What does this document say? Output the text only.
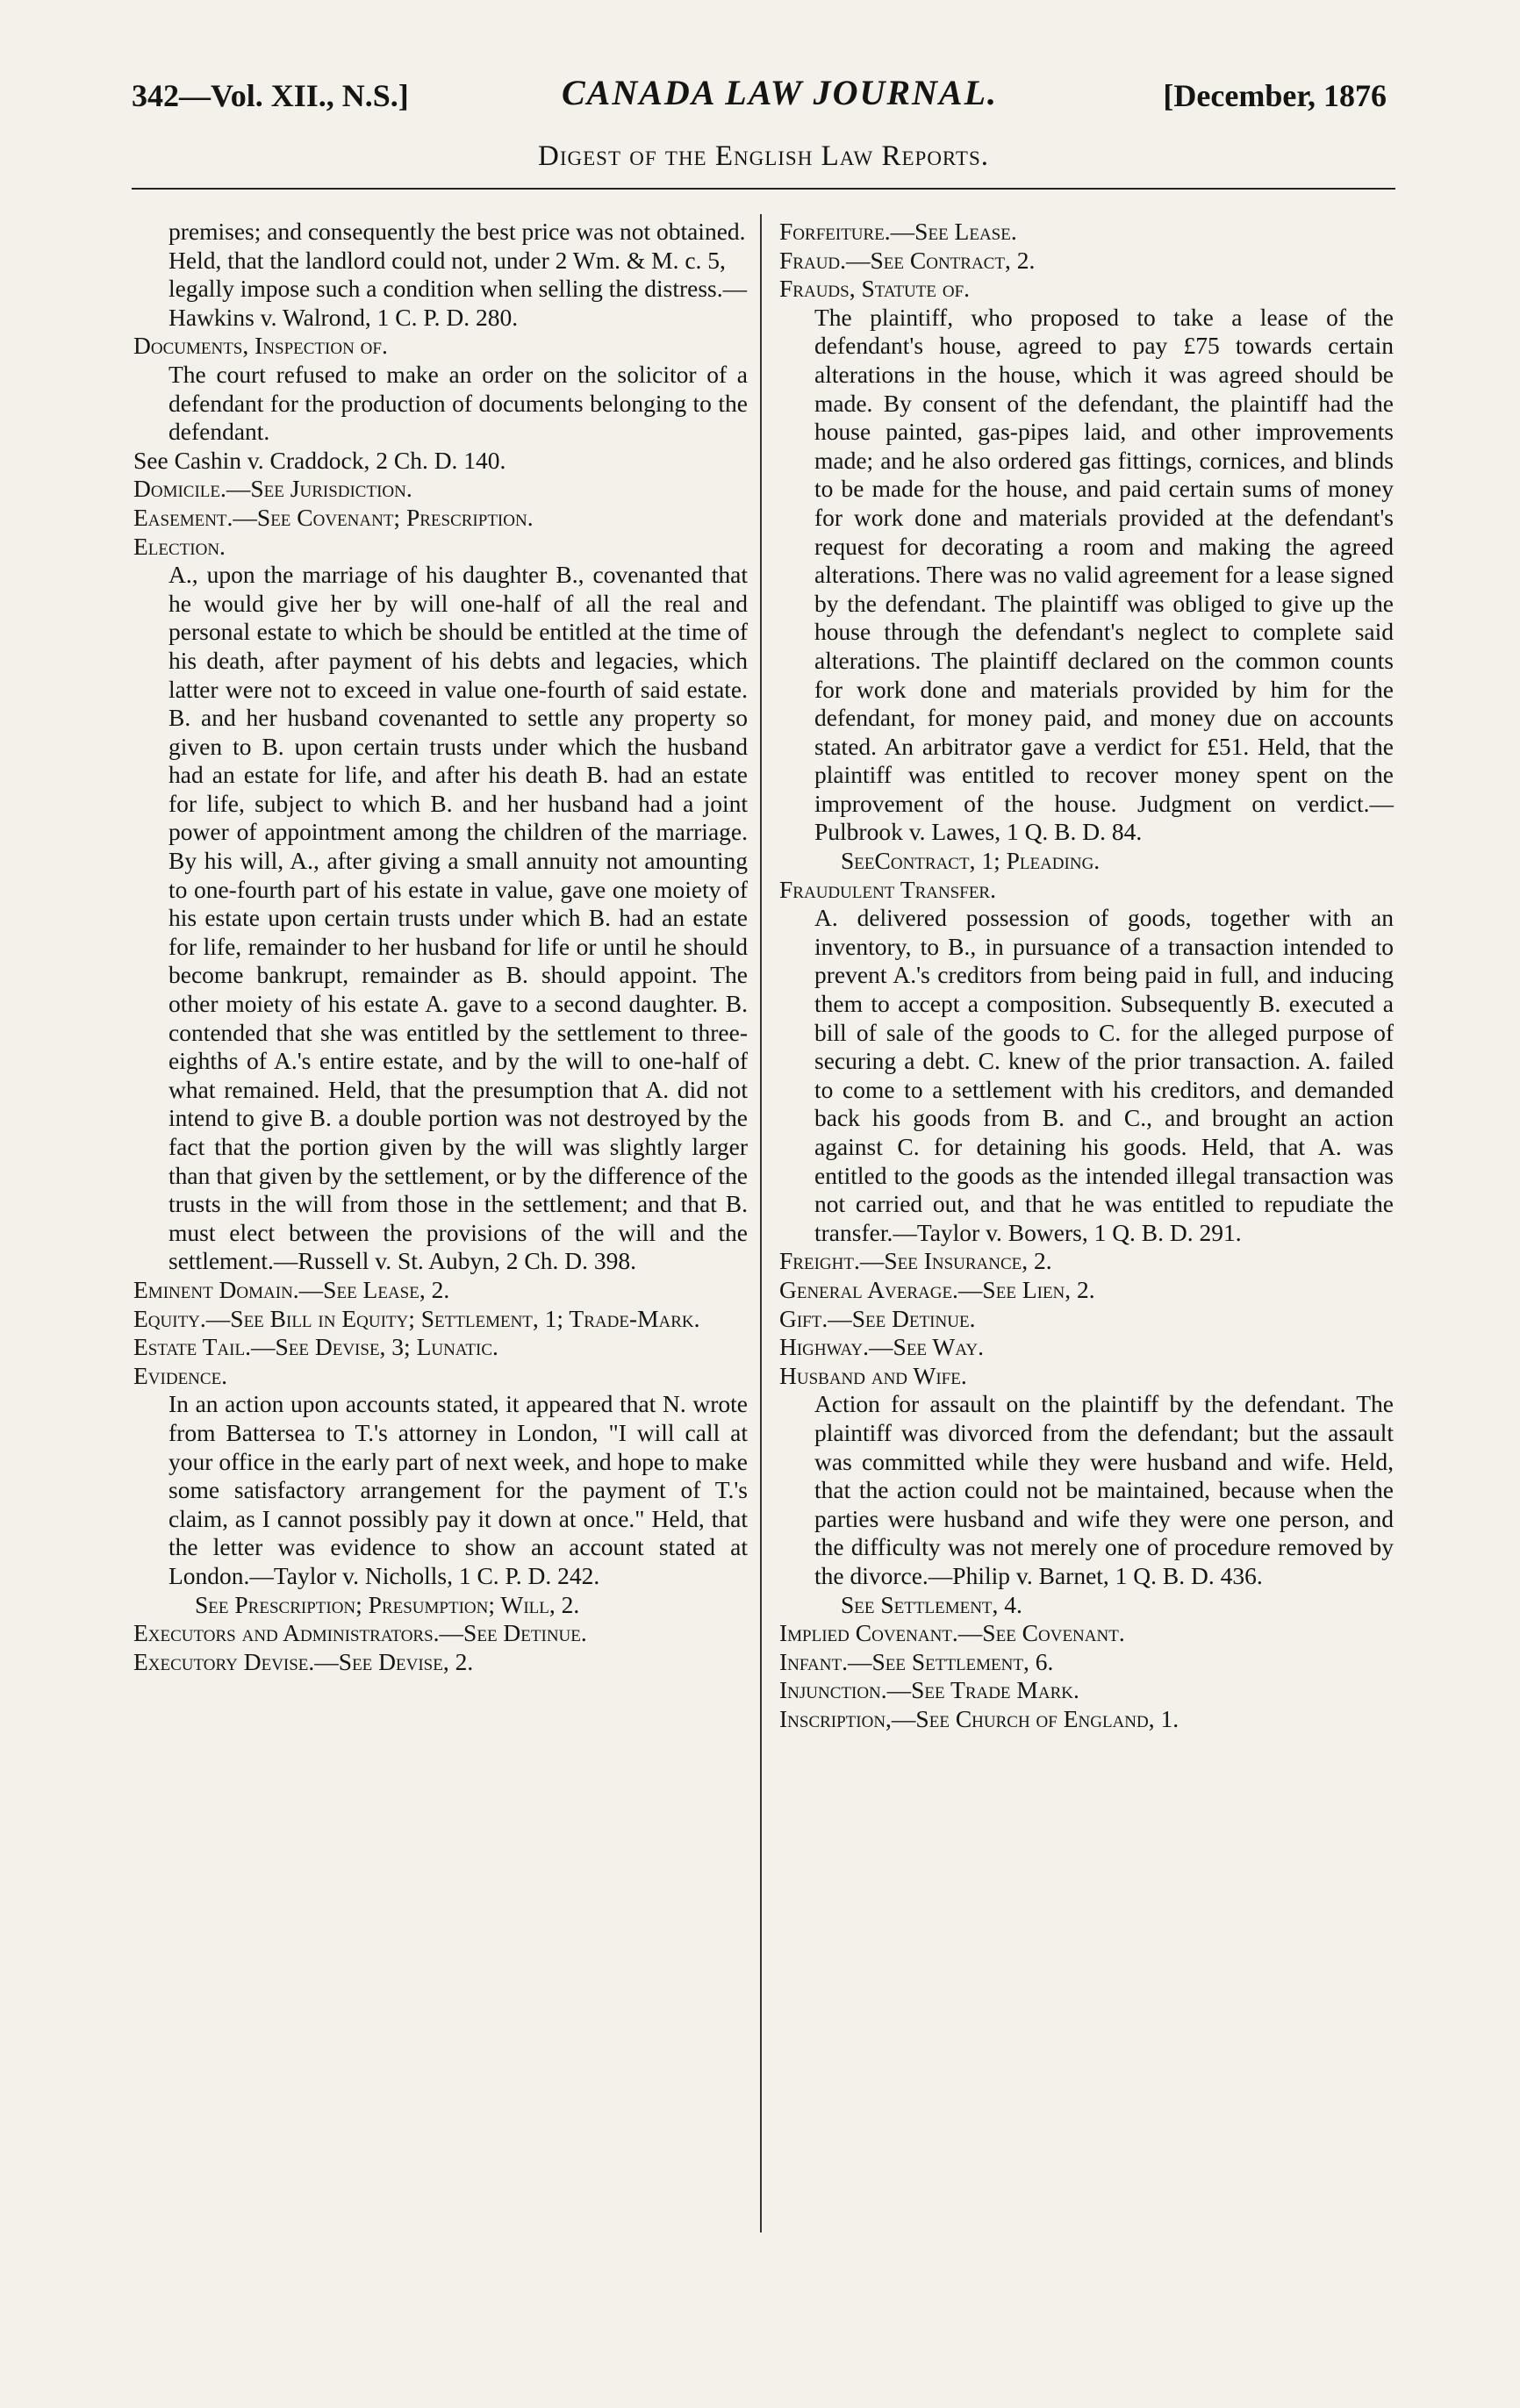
342—Vol. XII., N.S.]	CANADA LAW JOURNAL.	[December, 1876
Digest of the English Law Reports.

premises; and consequently the best price was not obtained. Held, that the landlord could not, under 2 Wm. & M. c. 5, legally impose such a condition when selling the distress.—Hawkins v. Walrond, 1 C. P. D. 280.

Documents, Inspection of.

The court refused to make an order on the solicitor of a defendant for the production of documents belonging to the defendant.

See Cashin v. Craddock, 2 Ch. D. 140.

Domicile.—See Jurisdiction.

Easement.—See Covenant; Prescription.

Election.

A., upon the marriage of his daughter B., covenanted that he would give her by will one-half of all the real and personal estate to which be should be entitled at the time of his death, after payment of his debts and legacies, which latter were not to exceed in value one-fourth of said estate. B. and her husband covenanted to settle any property so given to B. upon certain trusts under which the husband had an estate for life, and after his death B. had an estate for life, subject to which B. and her husband had a joint power of appointment among the children of the marriage. By his will, A., after giving a small annuity not amounting to one-fourth part of his estate in value, gave one moiety of his estate upon certain trusts under which B. had an estate for life, remainder to her husband for life or until he should become bankrupt, remainder as B. should appoint. The other moiety of his estate A. gave to a second daughter. B. contended that she was entitled by the settlement to three-eighths of A.'s entire estate, and by the will to one-half of what remained. Held, that the presumption that A. did not intend to give B. a double portion was not destroyed by the fact that the portion given by the will was slightly larger than that given by the settlement, or by the difference of the trusts in the will from those in the settlement; and that B. must elect between the provisions of the will and the settlement.—Russell v. St. Aubyn, 2 Ch. D. 398.

Eminent Domain.—See Lease, 2.

Equity.—See Bill in Equity; Settlement, 1; Trade-Mark.

Estate Tail.—See Devise, 3; Lunatic.

Evidence.

In an action upon accounts stated, it appeared that N. wrote from Battersea to T.'s attorney in London, "I will call at your office in the early part of next week, and hope to make some satisfactory arrangement for the payment of T.'s claim, as I cannot possibly pay it down at once." Held, that the letter was evidence to show an account stated at London.—Taylor v. Nicholls, 1 C. P. D. 242.

See Prescription; Presumption; Will, 2.

Executors and Administrators.—See Detinue.

Executory Devise.—See Devise, 2.

Forfeiture.—See Lease.

Fraud.—See Contract, 2.

Frauds, Statute of.

The plaintiff, who proposed to take a lease of the defendant's house, agreed to pay £75 towards certain alterations in the house, which it was agreed should be made. By consent of the defendant, the plaintiff had the house painted, gas-pipes laid, and other improvements made; and he also ordered gas fittings, cornices, and blinds to be made for the house, and paid certain sums of money for work done and materials provided at the defendant's request for decorating a room and making the agreed alterations. There was no valid agreement for a lease signed by the defendant. The plaintiff was obliged to give up the house through the defendant's neglect to complete said alterations. The plaintiff declared on the common counts for work done and materials provided by him for the defendant, for money paid, and money due on accounts stated. An arbitrator gave a verdict for £51. Held, that the plaintiff was entitled to recover money spent on the improvement of the house. Judgment on verdict.—Pulbrook v. Lawes, 1 Q. B. D. 84.

SeeContract, 1; Pleading.

Fraudulent Transfer.

A. delivered possession of goods, together with an inventory, to B., in pursuance of a transaction intended to prevent A.'s creditors from being paid in full, and inducing them to accept a composition. Subsequently B. executed a bill of sale of the goods to C. for the alleged purpose of securing a debt. C. knew of the prior transaction. A. failed to come to a settlement with his creditors, and demanded back his goods from B. and C., and brought an action against C. for detaining his goods. Held, that A. was entitled to the goods as the intended illegal transaction was not carried out, and that he was entitled to repudiate the transfer.—Taylor v. Bowers, 1 Q. B. D. 291.

Freight.—See Insurance, 2.

General Average.—See Lien, 2.

Gift.—See Detinue.

Highway.—See Way.

Husband and Wife.

Action for assault on the plaintiff by the defendant. The plaintiff was divorced from the defendant; but the assault was committed while they were husband and wife. Held, that the action could not be maintained, because when the parties were husband and wife they were one person, and the difficulty was not merely one of procedure removed by the divorce.—Philip v. Barnet, 1 Q. B. D. 436.

See Settlement, 4.

Implied Covenant.—See Covenant.

Infant.—See Settlement, 6.

Injunction.—See Trade Mark.

Inscription,—See Church of England, 1.
